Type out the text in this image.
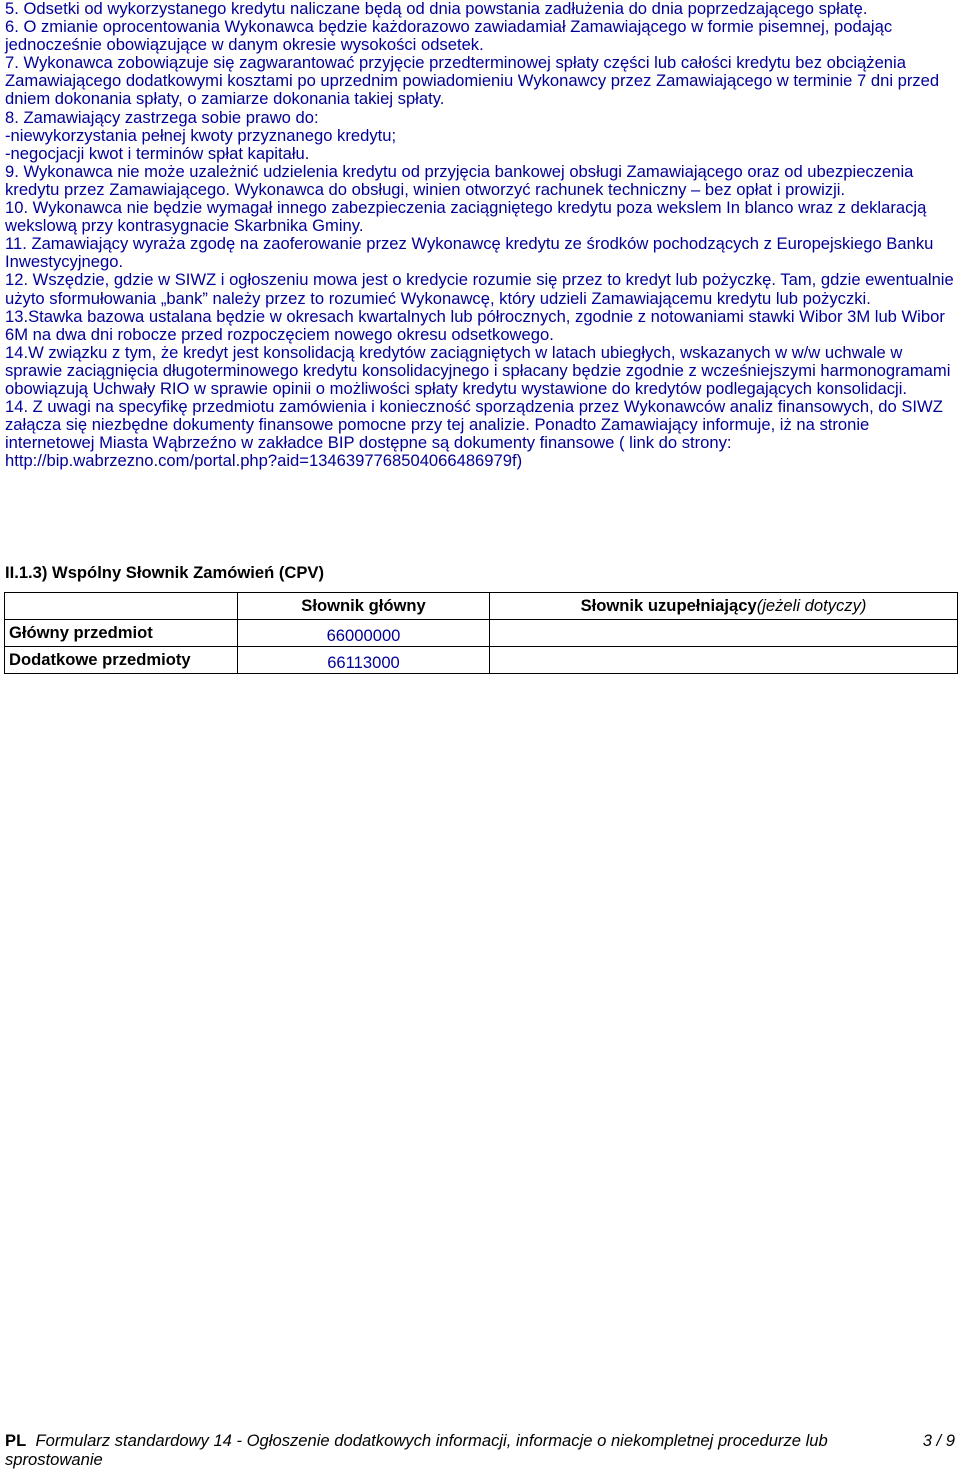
5. Odsetki od wykorzystanego kredytu naliczane będą od dnia powstania zadłużenia do dnia poprzedzającego spłatę.

6. O zmianie oprocentowania Wykonawca będzie każdorazowo zawiadamiał Zamawiającego w formie pisemnej, podając jednocześnie obowiązujące w danym okresie wysokości odsetek.

7. Wykonawca zobowiązuje się zagwarantować przyjęcie przedterminowej spłaty części lub całości kredytu bez obciążenia Zamawiającego dodatkowymi kosztami po uprzednim powiadomieniu Wykonawcy przez Zamawiającego w terminie 7 dni przed dniem dokonania spłaty, o zamiarze dokonania takiej spłaty.

8. Zamawiający zastrzega sobie prawo do:

-niewykorzystania pełnej kwoty przyznanego kredytu;

-negocjacji kwot i terminów spłat kapitału.

9. Wykonawca nie może uzależnić udzielenia kredytu od przyjęcia bankowej obsługi Zamawiającego oraz od ubezpieczenia kredytu przez Zamawiającego. Wykonawca do obsługi, winien otworzyć rachunek techniczny – bez opłat i prowizji.

10. Wykonawca nie będzie wymagał innego zabezpieczenia zaciągniętego kredytu poza wekslem In blanco wraz z deklaracją wekslową przy kontrasygnacie Skarbnika Gminy.

11. Zamawiający wyraża zgodę na zaoferowanie przez Wykonawcę kredytu ze środków pochodzących z Europejskiego Banku Inwestycyjnego.

12. Wszędzie, gdzie w SIWZ i ogłoszeniu mowa jest o kredycie rozumie się przez to kredyt lub pożyczkę. Tam, gdzie ewentualnie użyto sformułowania „bank” należy przez to rozumieć Wykonawcę, który udzieli Zamawiającemu kredytu lub pożyczki.

13.Stawka bazowa ustalana będzie w okresach kwartalnych lub półrocznych, zgodnie z notowaniami stawki Wibor 3M lub Wibor 6M na dwa dni robocze przed rozpoczęciem nowego okresu odsetkowego.

14.W związku z tym, że kredyt jest konsolidacją kredytów zaciągniętych w latach ubiegłych, wskazanych w w/w uchwale w sprawie zaciągnięcia długoterminowego kredytu konsolidacyjnego i spłacany będzie zgodnie z wcześniejszymi harmonogramami obowiązują Uchwały RIO w sprawie opinii o możliwości spłaty kredytu wystawione do kredytów podlegających konsolidacji.

14. Z uwagi na specyfikę przedmiotu zamówienia i konieczność sporządzenia przez Wykonawców analiz finansowych, do SIWZ załącza się niezbędne dokumenty finansowe pomocne przy tej analizie. Ponadto Zamawiający informuje, iż na stronie internetowej Miasta Wąbrzeźno w zakładce BIP dostępne są dokumenty finansowe ( link do strony: http://bip.wabrzezno.com/portal.php?aid=134639776850406648​6979f)

II.1.3) Wspólny Słownik Zamówień (CPV)
	Słownik główny	Słownik uzupełniający(jeżeli dotyczy)
Główny przedmiot	66000000	
Dodatkowe przedmioty	66113000	
PL Formularz standardowy 14 - Ogłoszenie dodatkowych informacji, informacje o niekompletnej procedurze lub sprostowanie
3 / 9
